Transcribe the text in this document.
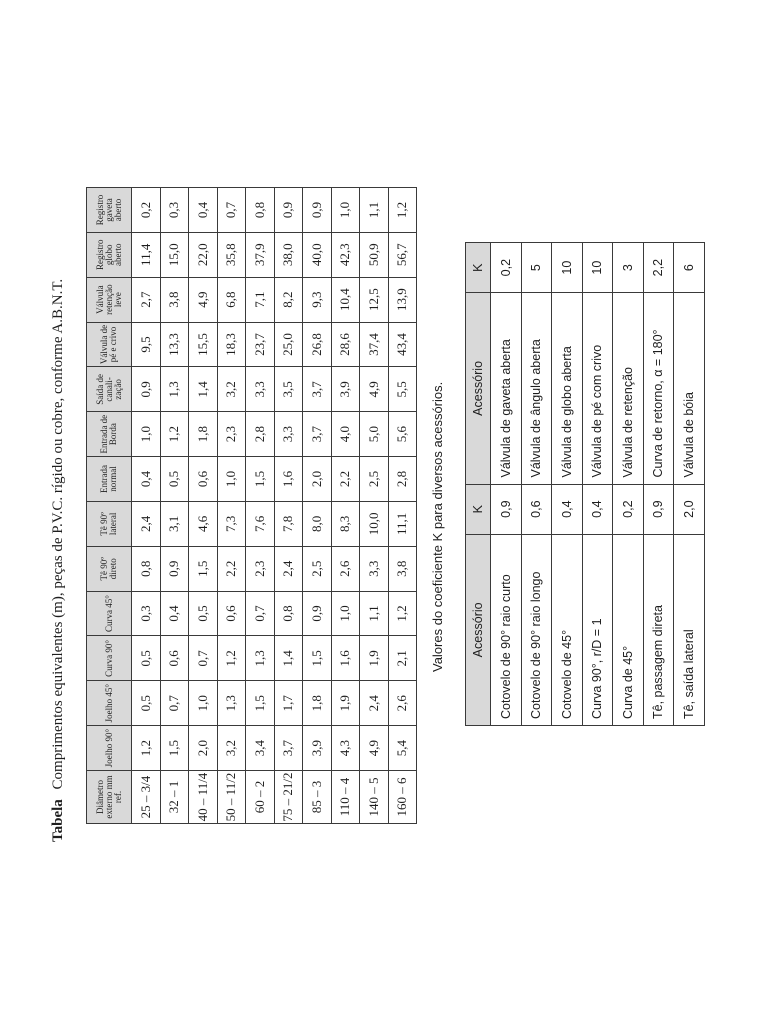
Tabela Comprimentos equivalentes (m), peças de P.V.C. rígido ou cobre, conforme A.B.N.T.
Diâmetro externo mm ref.	Joelho 90°	Joelho 45°	Curva 90°	Curva 45°	Tê 90º direto	Tê 90º lateral	Entrada normal	Entrada de Borda	Saída de canali-zação	Válvula de pé e crivo	Válvula retenção leve	Registro globo aberto	Registro gaveta aberto
25 – 3/4	1,2	0,5	0,5	0,3	0,8	2,4	0,4	1,0	0,9	9,5	2,7	11,4	0,2
32 – 1	1,5	0,7	0,6	0,4	0,9	3,1	0,5	1,2	1,3	13,3	3,8	15,0	0,3
40 – 11/4	2,0	1,0	0,7	0,5	1,5	4,6	0,6	1,8	1,4	15,5	4,9	22,0	0,4
50 – 11/2	3,2	1,3	1,2	0,6	2,2	7,3	1,0	2,3	3,2	18,3	6,8	35,8	0,7
60 – 2	3,4	1,5	1,3	0,7	2,3	7,6	1,5	2,8	3,3	23,7	7,1	37,9	0,8
75 – 21/2	3,7	1,7	1,4	0,8	2,4	7,8	1,6	3,3	3,5	25,0	8,2	38,0	0,9
85 – 3	3,9	1,8	1,5	0,9	2,5	8,0	2,0	3,7	3,7	26,8	9,3	40,0	0,9
110 – 4	4,3	1,9	1,6	1,0	2,6	8,3	2,2	4,0	3,9	28,6	10,4	42,3	1,0
140 – 5	4,9	2,4	1,9	1,1	3,3	10,0	2,5	5,0	4,9	37,4	12,5	50,9	1,1
160 – 6	5,4	2,6	2,1	1,2	3,8	11,1	2,8	5,6	5,5	43,4	13,9	56,7	1,2
Valores do coeficiente K para diversos acessórios. Acessório	K	Acessório	K
Cotovelo de 90° raio curto	0,9	Válvula de gaveta aberta	0,2
Cotovelo de 90° raio longo	0,6	Válvula de ângulo aberta	5
Cotovelo de 45°	0,4	Válvula de globo aberta	10
Curva 90°, r/D = 1	0,4	Válvula de pé com crivo	10
Curva de 45°	0,2	Válvula de retenção	3
Tê, passagem direta	0,9	Curva de retorno, α = 180°	2,2
Tê, saída lateral	2,0	Válvula de bóia	6
